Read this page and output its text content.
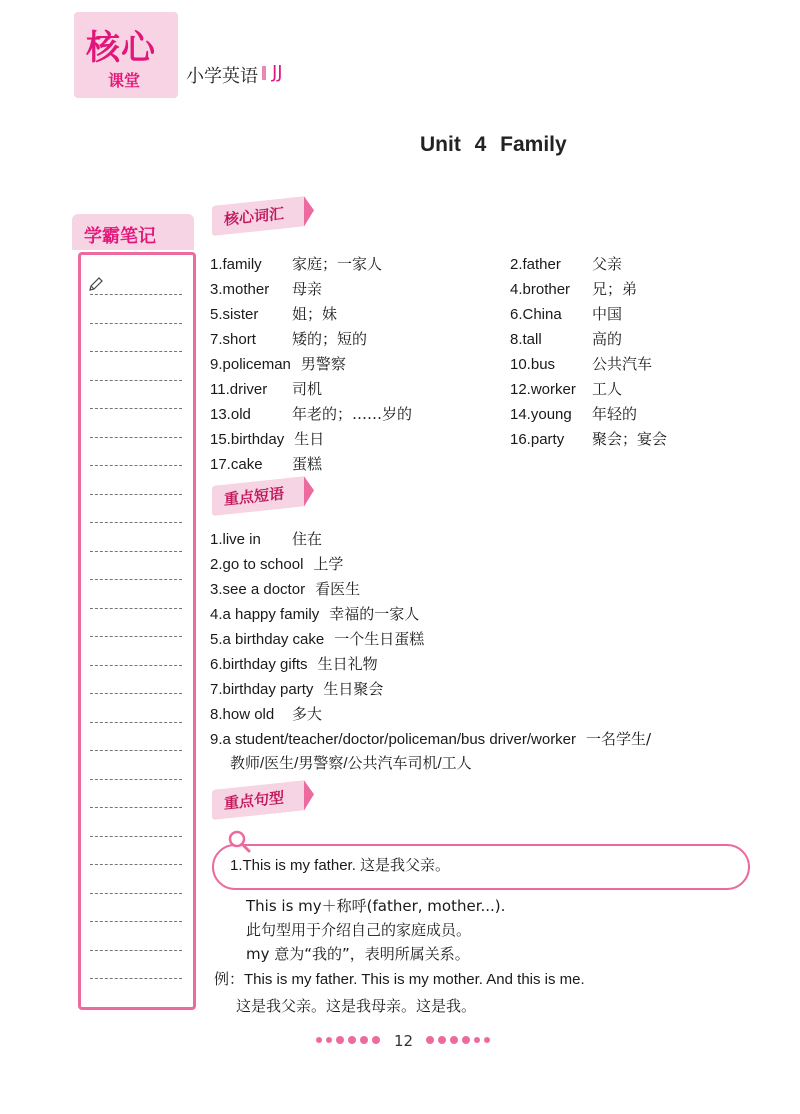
核心
课堂	小学英语 JJ
Unit 4 Family
学霸笔记
核心词汇
1.family 家庭；一家人	2.father 父亲
3.mother 母亲	4.brother 兄；弟
5.sister 姐；妹	6.China 中国
7.short 矮的；短的	8.tall	高的
9.policeman 男警察	10.bus 公共汽车
11.driver 司机	12.worker 工人
13.old	年老的；……岁的	14.young 年轻的
15.birthday 生日	16.party 聚会；宴会
17.cake 蛋糕
重点短语
1.live in 住在
2.go to school 上学
3.see a doctor 看医生
4.a happy family 幸福的一家人
5.a birthday cake 一个生日蛋糕
6.birthday gifts 生日礼物
7.birthday party 生日聚会
8.how old 多大
9.a student/teacher/doctor/policeman/bus driver/worker 一名学生/
教师/医生/男警察/公共汽车司机/工人
重点句型
1.This is my father. 这是我父亲。
This is my＋称呼(father, mother...).
此句型用于介绍自己的家庭成员。
my 意为“我的”，表明所属关系。
例：This is my father. This is my mother. And this is me.
这是我父亲。这是我母亲。这是我。
12
